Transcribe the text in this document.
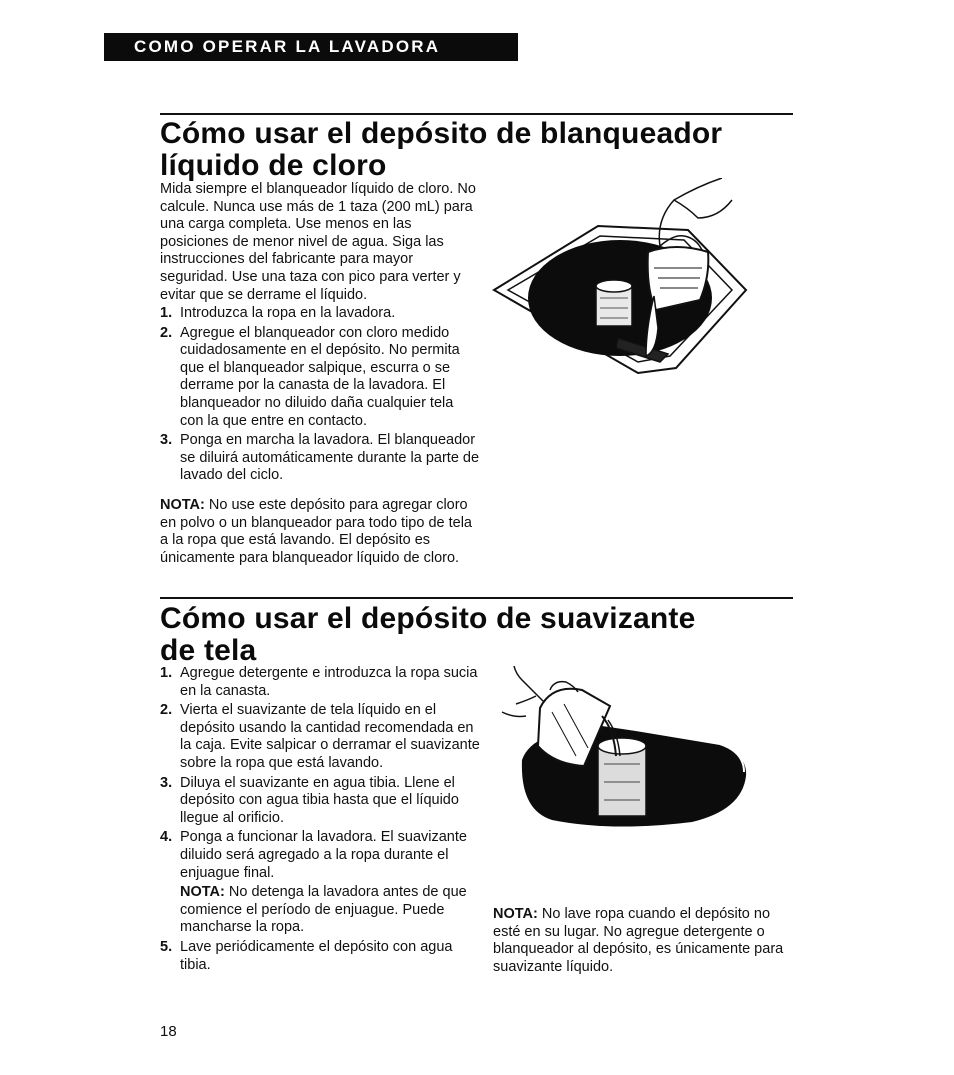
COMO OPERAR LA LAVADORA
Cómo usar el depósito de blanqueador
líquido de cloro

Mida siempre el blanqueador líquido de cloro. No calcule. Nunca use más de 1 taza (200 mL) para una carga completa. Use menos en las posiciones de menor nivel de agua. Siga las instrucciones del fabricante para mayor seguridad. Use una taza con pico para verter y evitar que se derrame el líquido.

1. Introduzca la ropa en la lavadora.
2. Agregue el blanqueador con cloro medido cuidadosamente en el depósito. No permita que el blanqueador salpique, escurra o se derrame por la canasta de la lavadora. El blanqueador no diluido daña cualquier tela con la que entre en contacto.
3. Ponga en marcha la lavadora. El blanqueador se diluirá automáticamente durante la parte de lavado del ciclo.

NOTA: No use este depósito para agregar cloro en polvo o un blanqueador para todo tipo de tela a la ropa que está lavando. El depósito es únicamente para blanqueador líquido de cloro.

Cómo usar el depósito de suavizante
de tela
1. Agregue detergente e introduzca la ropa sucia en la canasta.
2. Vierta el suavizante de tela líquido en el depósito usando la cantidad recomendada en la caja. Evite salpicar o derramar el suavizante sobre la ropa que está lavando.
3. Diluya el suavizante en agua tibia. Llene el depósito con agua tibia hasta que el líquido llegue al orificio.
4. Ponga a funcionar la lavadora. El suavizante diluido será agregado a la ropa durante el enjuague final.
NOTA: No detenga la lavadora antes de que comience el período de enjuague. Puede mancharse la ropa.
5. Lave periódicamente el depósito con agua tibia.

NOTA: No lave ropa cuando el depósito no esté en su lugar. No agregue detergente o blanqueador al depósito, es únicamente para suavizante líquido.

18
